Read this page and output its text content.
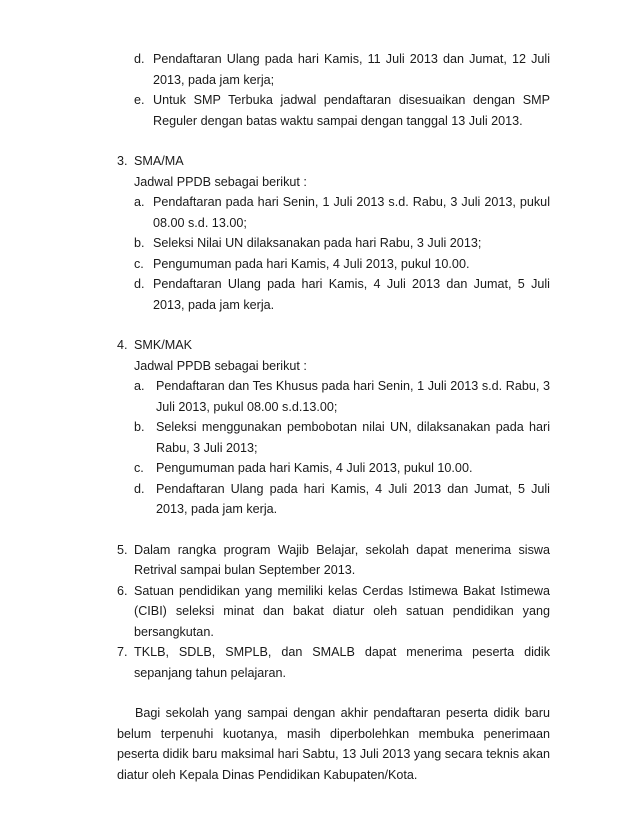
d. Pendaftaran Ulang pada hari Kamis, 11 Juli 2013 dan Jumat, 12 Juli 2013, pada jam kerja;
e. Untuk SMP Terbuka jadwal pendaftaran disesuaikan dengan SMP Reguler dengan batas waktu sampai dengan tanggal 13 Juli 2013.
3. SMA/MA
Jadwal PPDB sebagai berikut :
a. Pendaftaran pada hari Senin, 1 Juli 2013 s.d. Rabu, 3 Juli 2013, pukul 08.00 s.d. 13.00;
b. Seleksi Nilai UN dilaksanakan pada hari Rabu, 3 Juli 2013;
c. Pengumuman pada hari Kamis, 4 Juli 2013, pukul 10.00.
d. Pendaftaran Ulang pada hari Kamis, 4 Juli 2013 dan Jumat, 5 Juli 2013, pada jam kerja.
4. SMK/MAK
Jadwal PPDB sebagai berikut :
a. Pendaftaran dan Tes Khusus pada hari Senin, 1 Juli 2013 s.d. Rabu, 3 Juli 2013, pukul 08.00 s.d.13.00;
b. Seleksi menggunakan pembobotan nilai UN, dilaksanakan pada hari Rabu, 3 Juli 2013;
c. Pengumuman pada hari Kamis, 4 Juli 2013, pukul 10.00.
d. Pendaftaran Ulang pada hari Kamis, 4 Juli 2013 dan Jumat, 5 Juli 2013, pada jam kerja.
5. Dalam rangka program Wajib Belajar, sekolah dapat menerima siswa Retrival sampai bulan September 2013.
6. Satuan pendidikan yang memiliki kelas Cerdas Istimewa Bakat Istimewa (CIBI) seleksi minat dan bakat diatur oleh satuan pendidikan yang bersangkutan.
7. TKLB, SDLB, SMPLB, dan SMALB dapat menerima peserta didik sepanjang tahun pelajaran.

Bagi sekolah yang sampai dengan akhir pendaftaran peserta didik baru belum terpenuhi kuotanya, masih diperbolehkan membuka penerimaan peserta didik baru maksimal hari Sabtu, 13 Juli 2013 yang secara teknis akan diatur oleh Kepala Dinas Pendidikan Kabupaten/Kota.
